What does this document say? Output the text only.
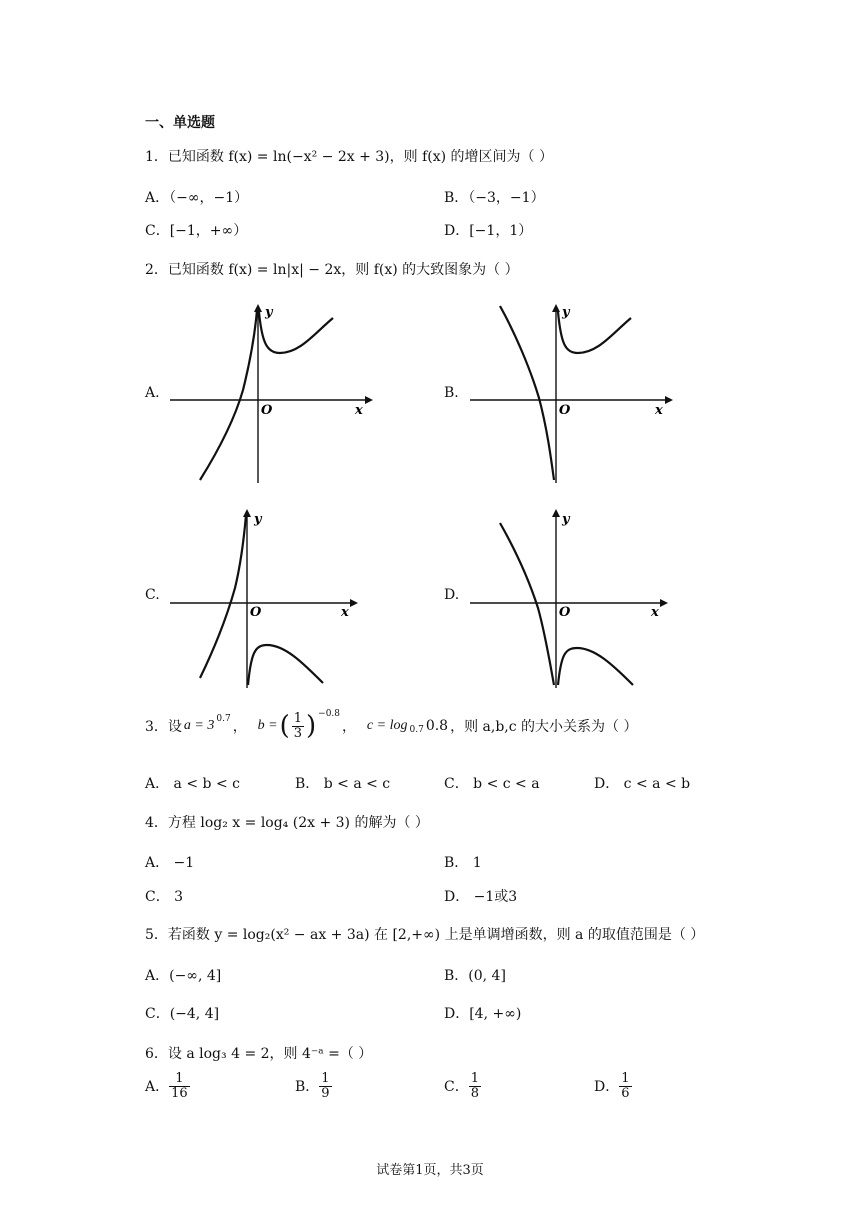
一、单选题
1．已知函数 f(x) = ln(−x² − 2x + 3)，则 f(x) 的增区间为（ ）
A．（−∞，−1）	B．（−3，−1）
C．[−1，+∞）	D．[−1，1）
2．已知函数 f(x) = ln|x| − 2x，则 f(x) 的大致图象为（ ）
A.	B.
C.	D.
x
y
O	x
y
O
x
y
O	x
y
O
3．设 a = 3 0.7 ， b = ( $\frac{1}{3}$ ) −0.8
， c = log 0.7 0.8 ，则 a,b,c 的大小关系为（ ）
A． a < b < c	B． b < a < c	C． b < c < a	D． c < a < b
4．方程 log₂ x = log₄ (2x + 3) 的解为（ ）
A． −1	B． 1
C． 3	D． −1或3
5．若函数 y = log₂(x² − ax + 3a) 在 [2,+∞) 上是单调增函数，则 a 的取值范围是（ ）
A．(−∞, 4]	B．(0, 4]
C．(−4, 4]	D．[4, +∞)
6．设 a log₃ 4 = 2，则 4⁻ᵃ =（ ）
A． $\frac{1}{16}$	B． $\frac{1}{9}$	C． $\frac{1}{8}$	D． $\frac{1}{6}$
试卷第1页，共3页
